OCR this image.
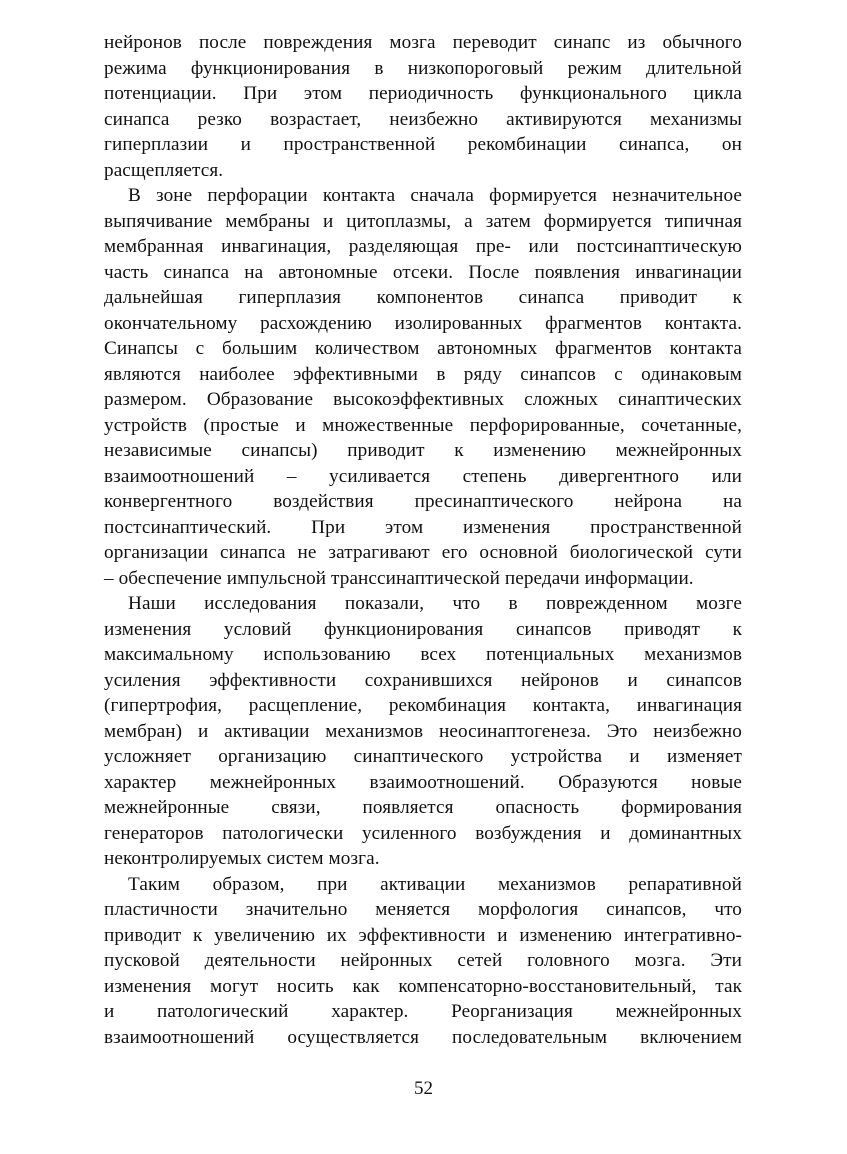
нейронов после повреждения мозга переводит синапс из обычного
режима функционирования в низкопороговый режим длительной
потенциации. При этом периодичность функционального цикла
синапса резко возрастает, неизбежно активируются механизмы
гиперплазии и пространственной рекомбинации синапса, он
расщепляется.
В зоне перфорации контакта сначала формируется незначительное
выпячивание мембраны и цитоплазмы, а затем формируется типичная
мембранная инвагинация, разделяющая пре- или постсинаптическую
часть синапса на автономные отсеки. После появления инвагинации
дальнейшая гиперплазия компонентов синапса приводит к
окончательному расхождению изолированных фрагментов контакта.
Синапсы с большим количеством автономных фрагментов контакта
являются наиболее эффективными в ряду синапсов с одинаковым
размером. Образование высокоэффективных сложных синаптических
устройств (простые и множественные перфорированные, сочетанные,
независимые синапсы) приводит к изменению межнейронных
взаимоотношений – усиливается степень дивергентного или
конвергентного воздействия пресинаптического нейрона на
постсинаптический. При этом изменения пространственной
организации синапса не затрагивают его основной биологической сути
– обеспечение импульсной транссинаптической передачи информации.
Наши исследования показали, что в поврежденном мозге
изменения условий функционирования синапсов приводят к
максимальному использованию всех потенциальных механизмов
усиления эффективности сохранившихся нейронов и синапсов
(гипертрофия, расщепление, рекомбинация контакта, инвагинация
мембран) и активации механизмов неосинаптогенеза. Это неизбежно
усложняет организацию синаптического устройства и изменяет
характер межнейронных взаимоотношений. Образуются новые
межнейронные связи, появляется опасность формирования
генераторов патологически усиленного возбуждения и доминантных
неконтролируемых систем мозга.
Таким образом, при активации механизмов репаративной
пластичности значительно меняется морфология синапсов, что
приводит к увеличению их эффективности и изменению интегративно-
пусковой деятельности нейронных сетей головного мозга. Эти
изменения могут носить как компенсаторно-восстановительный, так
и патологический характер. Реорганизация межнейронных
взаимоотношений осуществляется последовательным включением
52
